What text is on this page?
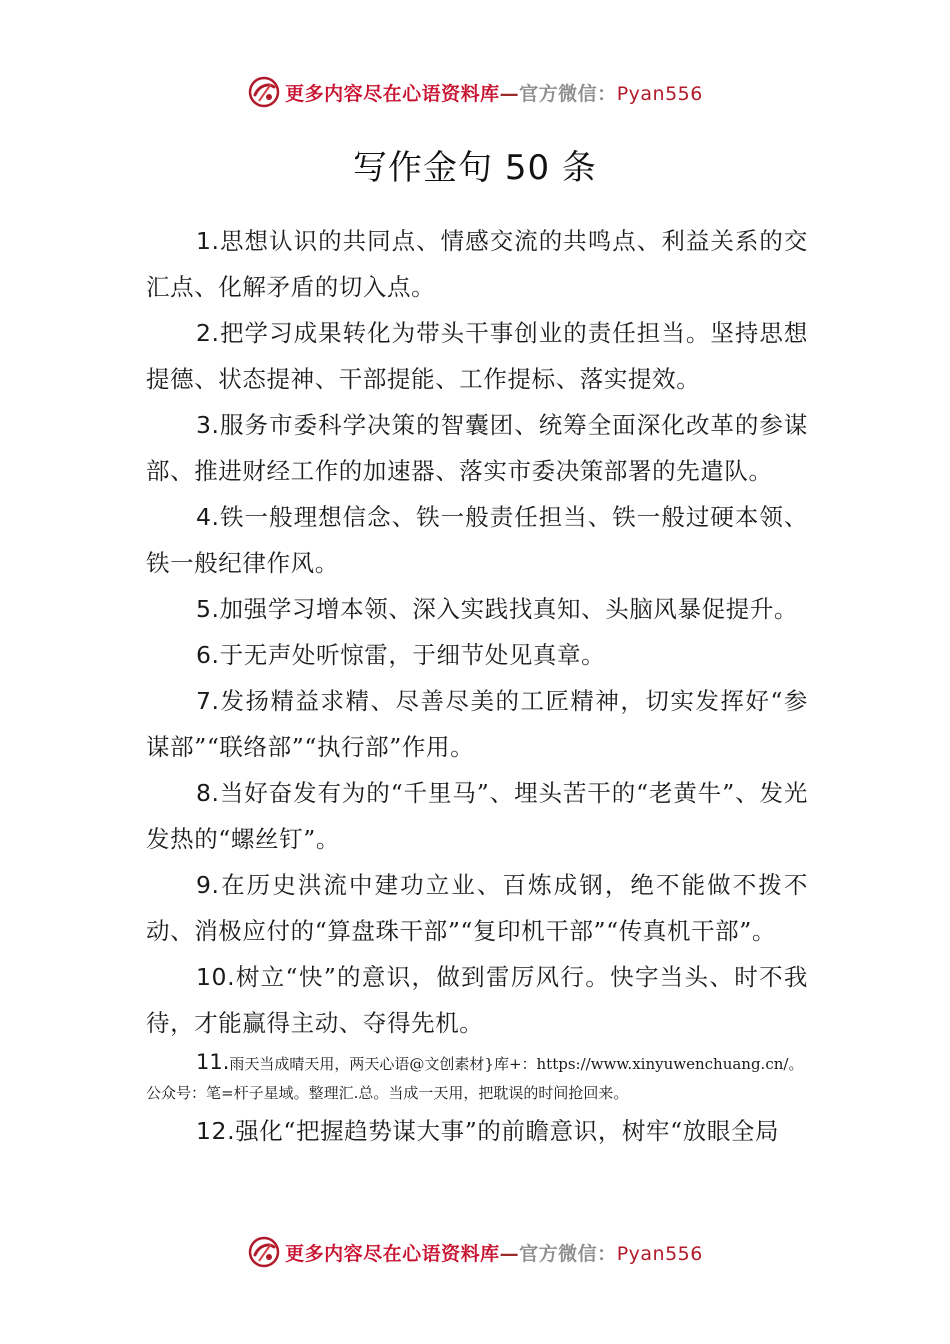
更多内容尽在心语资料库—官方微信：Pyan556
写作金句 50 条

1.思想认识的共同点、情感交流的共鸣点、利益关系的交汇点、化解矛盾的切入点。

2.把学习成果转化为带头干事创业的责任担当。坚持思想提德、状态提神、干部提能、工作提标、落实提效。

3.服务市委科学决策的智囊团、统筹全面深化改革的参谋部、推进财经工作的加速器、落实市委决策部署的先遣队。

4.铁一般理想信念、铁一般责任担当、铁一般过硬本领、铁一般纪律作风。

5.加强学习增本领、深入实践找真知、头脑风暴促提升。

6.于无声处听惊雷，于细节处见真章。

7.发扬精益求精、尽善尽美的工匠精神，切实发挥好“参谋部”“联络部”“执行部”作用。

8.当好奋发有为的“千里马”、埋头苦干的“老黄牛”、发光发热的“螺丝钉”。

9.在历史洪流中建功立业、百炼成钢，绝不能做不拨不动、消极应付的“算盘珠干部”“复印机干部”“传真机干部”。

10.树立“快”的意识，做到雷厉风行。快字当头、时不我待，才能赢得主动、夺得先机。

11.雨天当成晴天用，两天心语@文创素材}库+：https://www.xinyuwenchuang.cn/。公众号：笔=杆子星域。整理汇.总。当成一天用，把耽误的时间抢回来。

12.强化“把握趋势谋大事”的前瞻意识，树牢“放眼全局

更多内容尽在心语资料库—官方微信：Pyan556
